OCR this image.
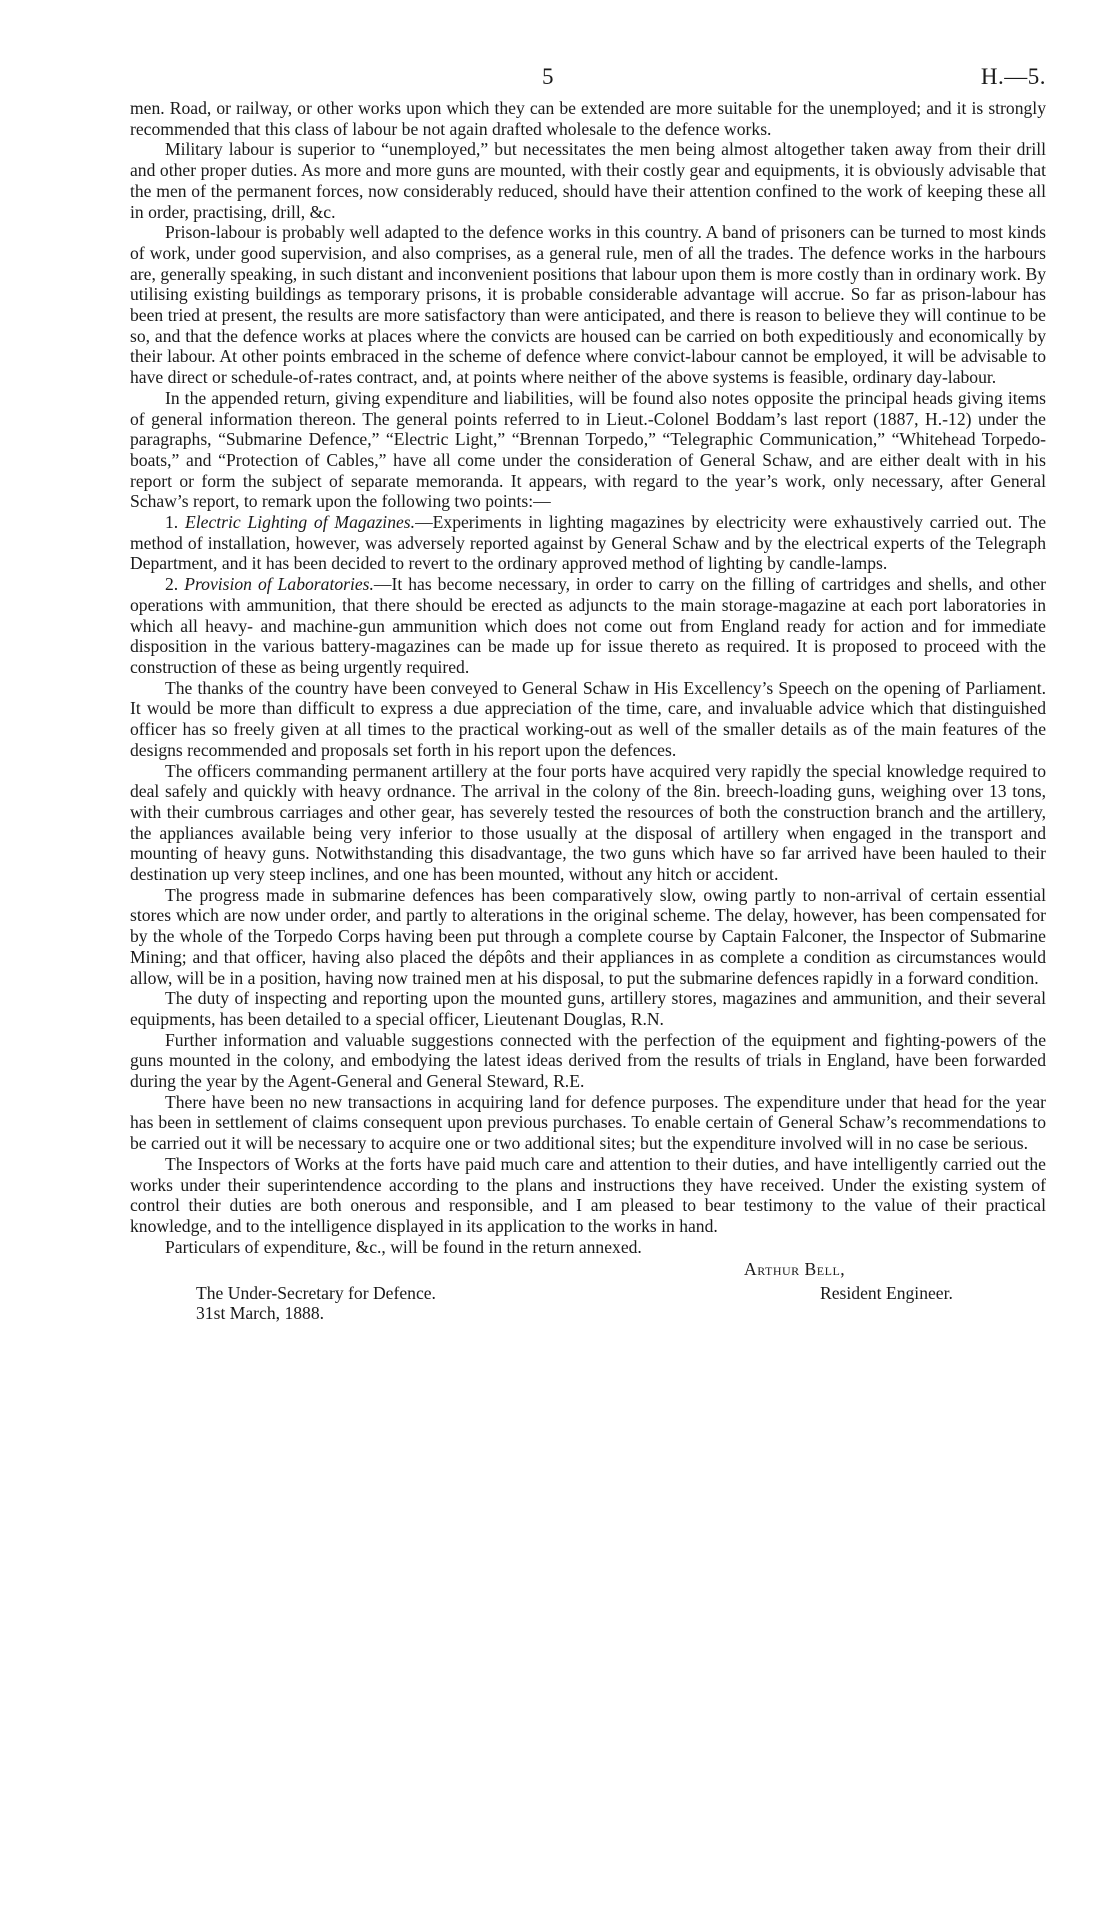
5	H.—5.

men. Road, or railway, or other works upon which they can be extended are more suitable for the unemployed; and it is strongly recommended that this class of labour be not again drafted wholesale to the defence works.

Military labour is superior to “unemployed,” but necessitates the men being almost altogether taken away from their drill and other proper duties. As more and more guns are mounted, with their costly gear and equipments, it is obviously advisable that the men of the permanent forces, now considerably reduced, should have their attention confined to the work of keeping these all in order, practising, drill, &c.

Prison-labour is probably well adapted to the defence works in this country. A band of prisoners can be turned to most kinds of work, under good supervision, and also comprises, as a general rule, men of all the trades. The defence works in the harbours are, generally speaking, in such distant and inconvenient positions that labour upon them is more costly than in ordinary work. By utilising existing buildings as temporary prisons, it is probable considerable advantage will accrue. So far as prison-labour has been tried at present, the results are more satisfactory than were anticipated, and there is reason to believe they will continue to be so, and that the defence works at places where the convicts are housed can be carried on both expeditiously and economically by their labour. At other points embraced in the scheme of defence where convict-labour cannot be employed, it will be advisable to have direct or schedule-of-rates contract, and, at points where neither of the above systems is feasible, ordinary day-labour.

In the appended return, giving expenditure and liabilities, will be found also notes opposite the principal heads giving items of general information thereon. The general points referred to in Lieut.-Colonel Boddam’s last report (1887, H.-12) under the paragraphs, “Submarine Defence,” “Electric Light,” “Brennan Torpedo,” “Telegraphic Communication,” “Whitehead Torpedoboats,” and “Protection of Cables,” have all come under the consideration of General Schaw, and are either dealt with in his report or form the subject of separate memoranda. It appears, with regard to the year’s work, only necessary, after General Schaw’s report, to remark upon the following two points:—

1. Electric Lighting of Magazines.—Experiments in lighting magazines by electricity were exhaustively carried out. The method of installation, however, was adversely reported against by General Schaw and by the electrical experts of the Telegraph Department, and it has been decided to revert to the ordinary approved method of lighting by candle-lamps.

2. Provision of Laboratories.—It has become necessary, in order to carry on the filling of cartridges and shells, and other operations with ammunition, that there should be erected as adjuncts to the main storage-magazine at each port laboratories in which all heavy- and machine-gun ammunition which does not come out from England ready for action and for immediate disposition in the various battery-magazines can be made up for issue thereto as required. It is proposed to proceed with the construction of these as being urgently required.

The thanks of the country have been conveyed to General Schaw in His Excellency’s Speech on the opening of Parliament. It would be more than difficult to express a due appreciation of the time, care, and invaluable advice which that distinguished officer has so freely given at all times to the practical working-out as well of the smaller details as of the main features of the designs recommended and proposals set forth in his report upon the defences.

The officers commanding permanent artillery at the four ports have acquired very rapidly the special knowledge required to deal safely and quickly with heavy ordnance. The arrival in the colony of the 8in. breech-loading guns, weighing over 13 tons, with their cumbrous carriages and other gear, has severely tested the resources of both the construction branch and the artillery, the appliances available being very inferior to those usually at the disposal of artillery when engaged in the transport and mounting of heavy guns. Notwithstanding this disadvantage, the two guns which have so far arrived have been hauled to their destination up very steep inclines, and one has been mounted, without any hitch or accident.

The progress made in submarine defences has been comparatively slow, owing partly to non-arrival of certain essential stores which are now under order, and partly to alterations in the original scheme. The delay, however, has been compensated for by the whole of the Torpedo Corps having been put through a complete course by Captain Falconer, the Inspector of Submarine Mining; and that officer, having also placed the dépôts and their appliances in as complete a condition as circumstances would allow, will be in a position, having now trained men at his disposal, to put the submarine defences rapidly in a forward condition.

The duty of inspecting and reporting upon the mounted guns, artillery stores, magazines and ammunition, and their several equipments, has been detailed to a special officer, Lieutenant Douglas, R.N.

Further information and valuable suggestions connected with the perfection of the equipment and fighting-powers of the guns mounted in the colony, and embodying the latest ideas derived from the results of trials in England, have been forwarded during the year by the Agent-General and General Steward, R.E.

There have been no new transactions in acquiring land for defence purposes. The expenditure under that head for the year has been in settlement of claims consequent upon previous purchases. To enable certain of General Schaw’s recommendations to be carried out it will be necessary to acquire one or two additional sites; but the expenditure involved will in no case be serious.

The Inspectors of Works at the forts have paid much care and attention to their duties, and have intelligently carried out the works under their superintendence according to the plans and instructions they have received. Under the existing system of control their duties are both onerous and responsible, and I am pleased to bear testimony to the value of their practical knowledge, and to the intelligence displayed in its application to the works in hand.

Particulars of expenditure, &c., will be found in the return annexed.

Arthur Bell,
Resident Engineer.
The Under-Secretary for Defence.
31st March, 1888.
